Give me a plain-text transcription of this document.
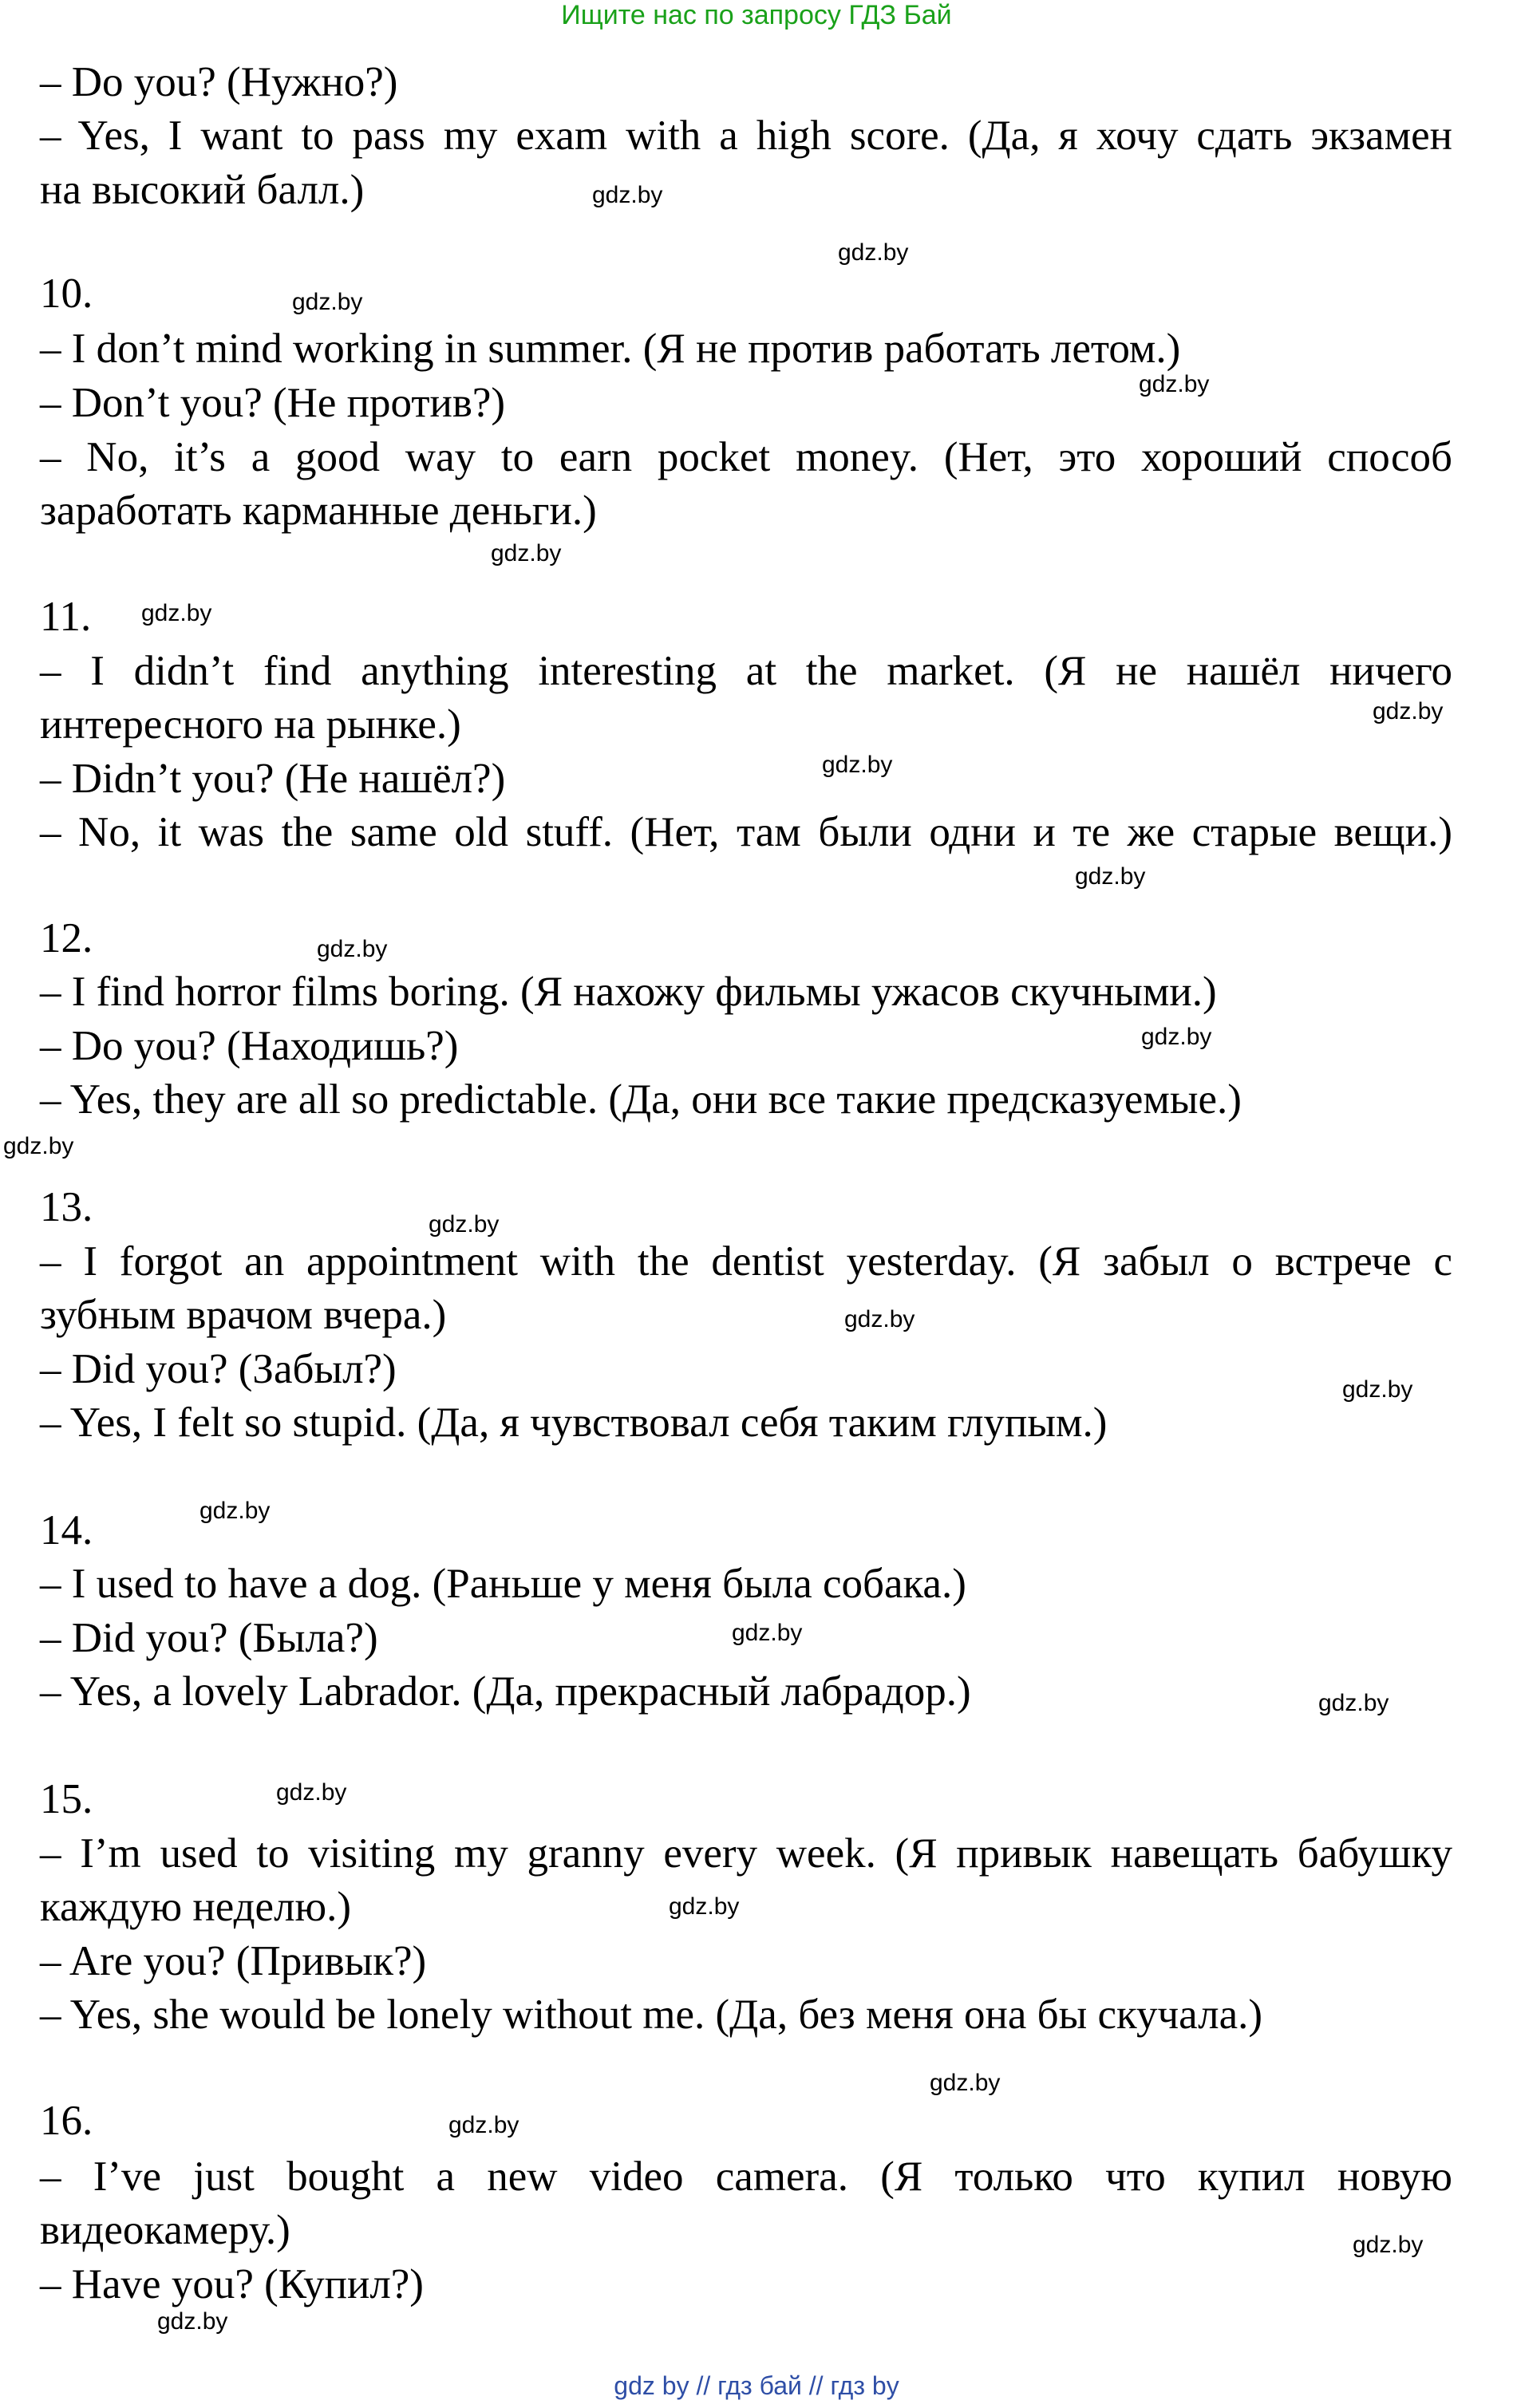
Ищите нас по запросу ГДЗ Бай
– Do you? (Нужно?)
– Yes, I want to pass my exam with a high score. (Да, я хочу сдать экзамен
на высокий балл.)
10.
– I don’t mind working in summer. (Я не против работать летом.)
– Don’t you? (Не против?)
– No, it’s a good way to earn pocket money. (Нет, это хороший способ
заработать карманные деньги.)
11.
– I didn’t find anything interesting at the market. (Я не нашёл ничего
интересного на рынке.)
– Didn’t you? (Не нашёл?)
– No, it was the same old stuff. (Нет, там были одни и те же старые вещи.)
12.
– I find horror films boring. (Я нахожу фильмы ужасов скучными.)
– Do you? (Находишь?)
– Yes, they are all so predictable. (Да, они все такие предсказуемые.)
13.
– I forgot an appointment with the dentist yesterday. (Я забыл о встрече с
зубным врачом вчера.)
– Did you? (Забыл?)
– Yes, I felt so stupid. (Да, я чувствовал себя таким глупым.)
14.
– I used to have a dog. (Раньше у меня была собака.)
– Did you? (Была?)
– Yes, a lovely Labrador. (Да, прекрасный лабрадор.)
15.
– I’m used to visiting my granny every week. (Я привык навещать бабушку
каждую неделю.)
– Are you? (Привык?)
– Yes, she would be lonely without me. (Да, без меня она бы скучала.)
16.
– I’ve just bought a new video camera. (Я только что купил новую
видеокамеру.)
– Have you? (Купил?)
gdz.by
gdz.by
gdz.by
gdz.by
gdz.by
gdz.by
gdz.by
gdz.by
gdz.by
gdz.by
gdz.by
gdz.by
gdz.by
gdz.by
gdz.by
gdz.by
gdz.by
gdz.by
gdz.by
gdz.by
gdz.by
gdz.by
gdz.by
gdz.by
gdz by // гдз бай // гдз by
